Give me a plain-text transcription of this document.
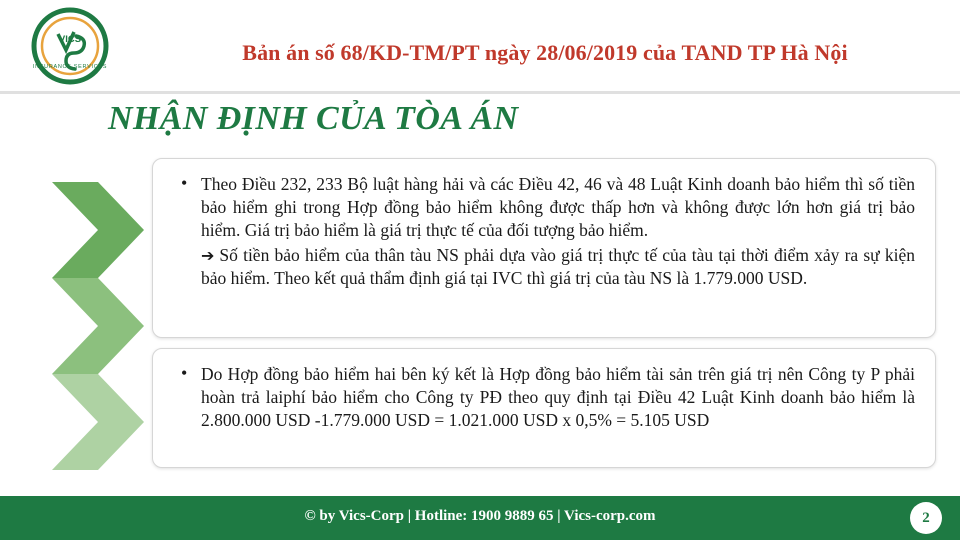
VICS
INSURANCE SERVICES
Bản án số 68/KD-TM/PT ngày 28/06/2019 của TAND TP Hà Nội
NHẬN ĐỊNH CỦA TÒA ÁN
• Theo Điều 232, 233 Bộ luật hàng hải và các Điều 42, 46 và 48 Luật Kinh doanh bảo hiểm thì số tiền bảo hiểm ghi trong Hợp đồng bảo hiểm không được thấp hơn và không được lớn hơn giá trị bảo hiểm. Giá trị bảo hiểm là giá trị thực tế của đối tượng bảo hiểm.
➔ Số tiền bảo hiểm của thân tàu NS phải dựa vào giá trị thực tế của tàu tại thời điểm xảy ra sự kiện bảo hiểm. Theo kết quả thẩm định giá tại IVC thì giá trị của tàu NS là 1.779.000 USD.
• Do Hợp đồng bảo hiểm hai bên ký kết là Hợp đồng bảo hiểm tài sản trên giá trị nên Công ty P phải hoàn trả laiphí bảo hiểm cho Công ty PĐ theo quy định tại Điều 42 Luật Kinh doanh bảo hiểm là 2.800.000 USD -1.779.000 USD = 1.021.000 USD x 0,5% = 5.105 USD
© by Vics-Corp | Hotline: 1900 9889 65 | Vics-corp.com	2
